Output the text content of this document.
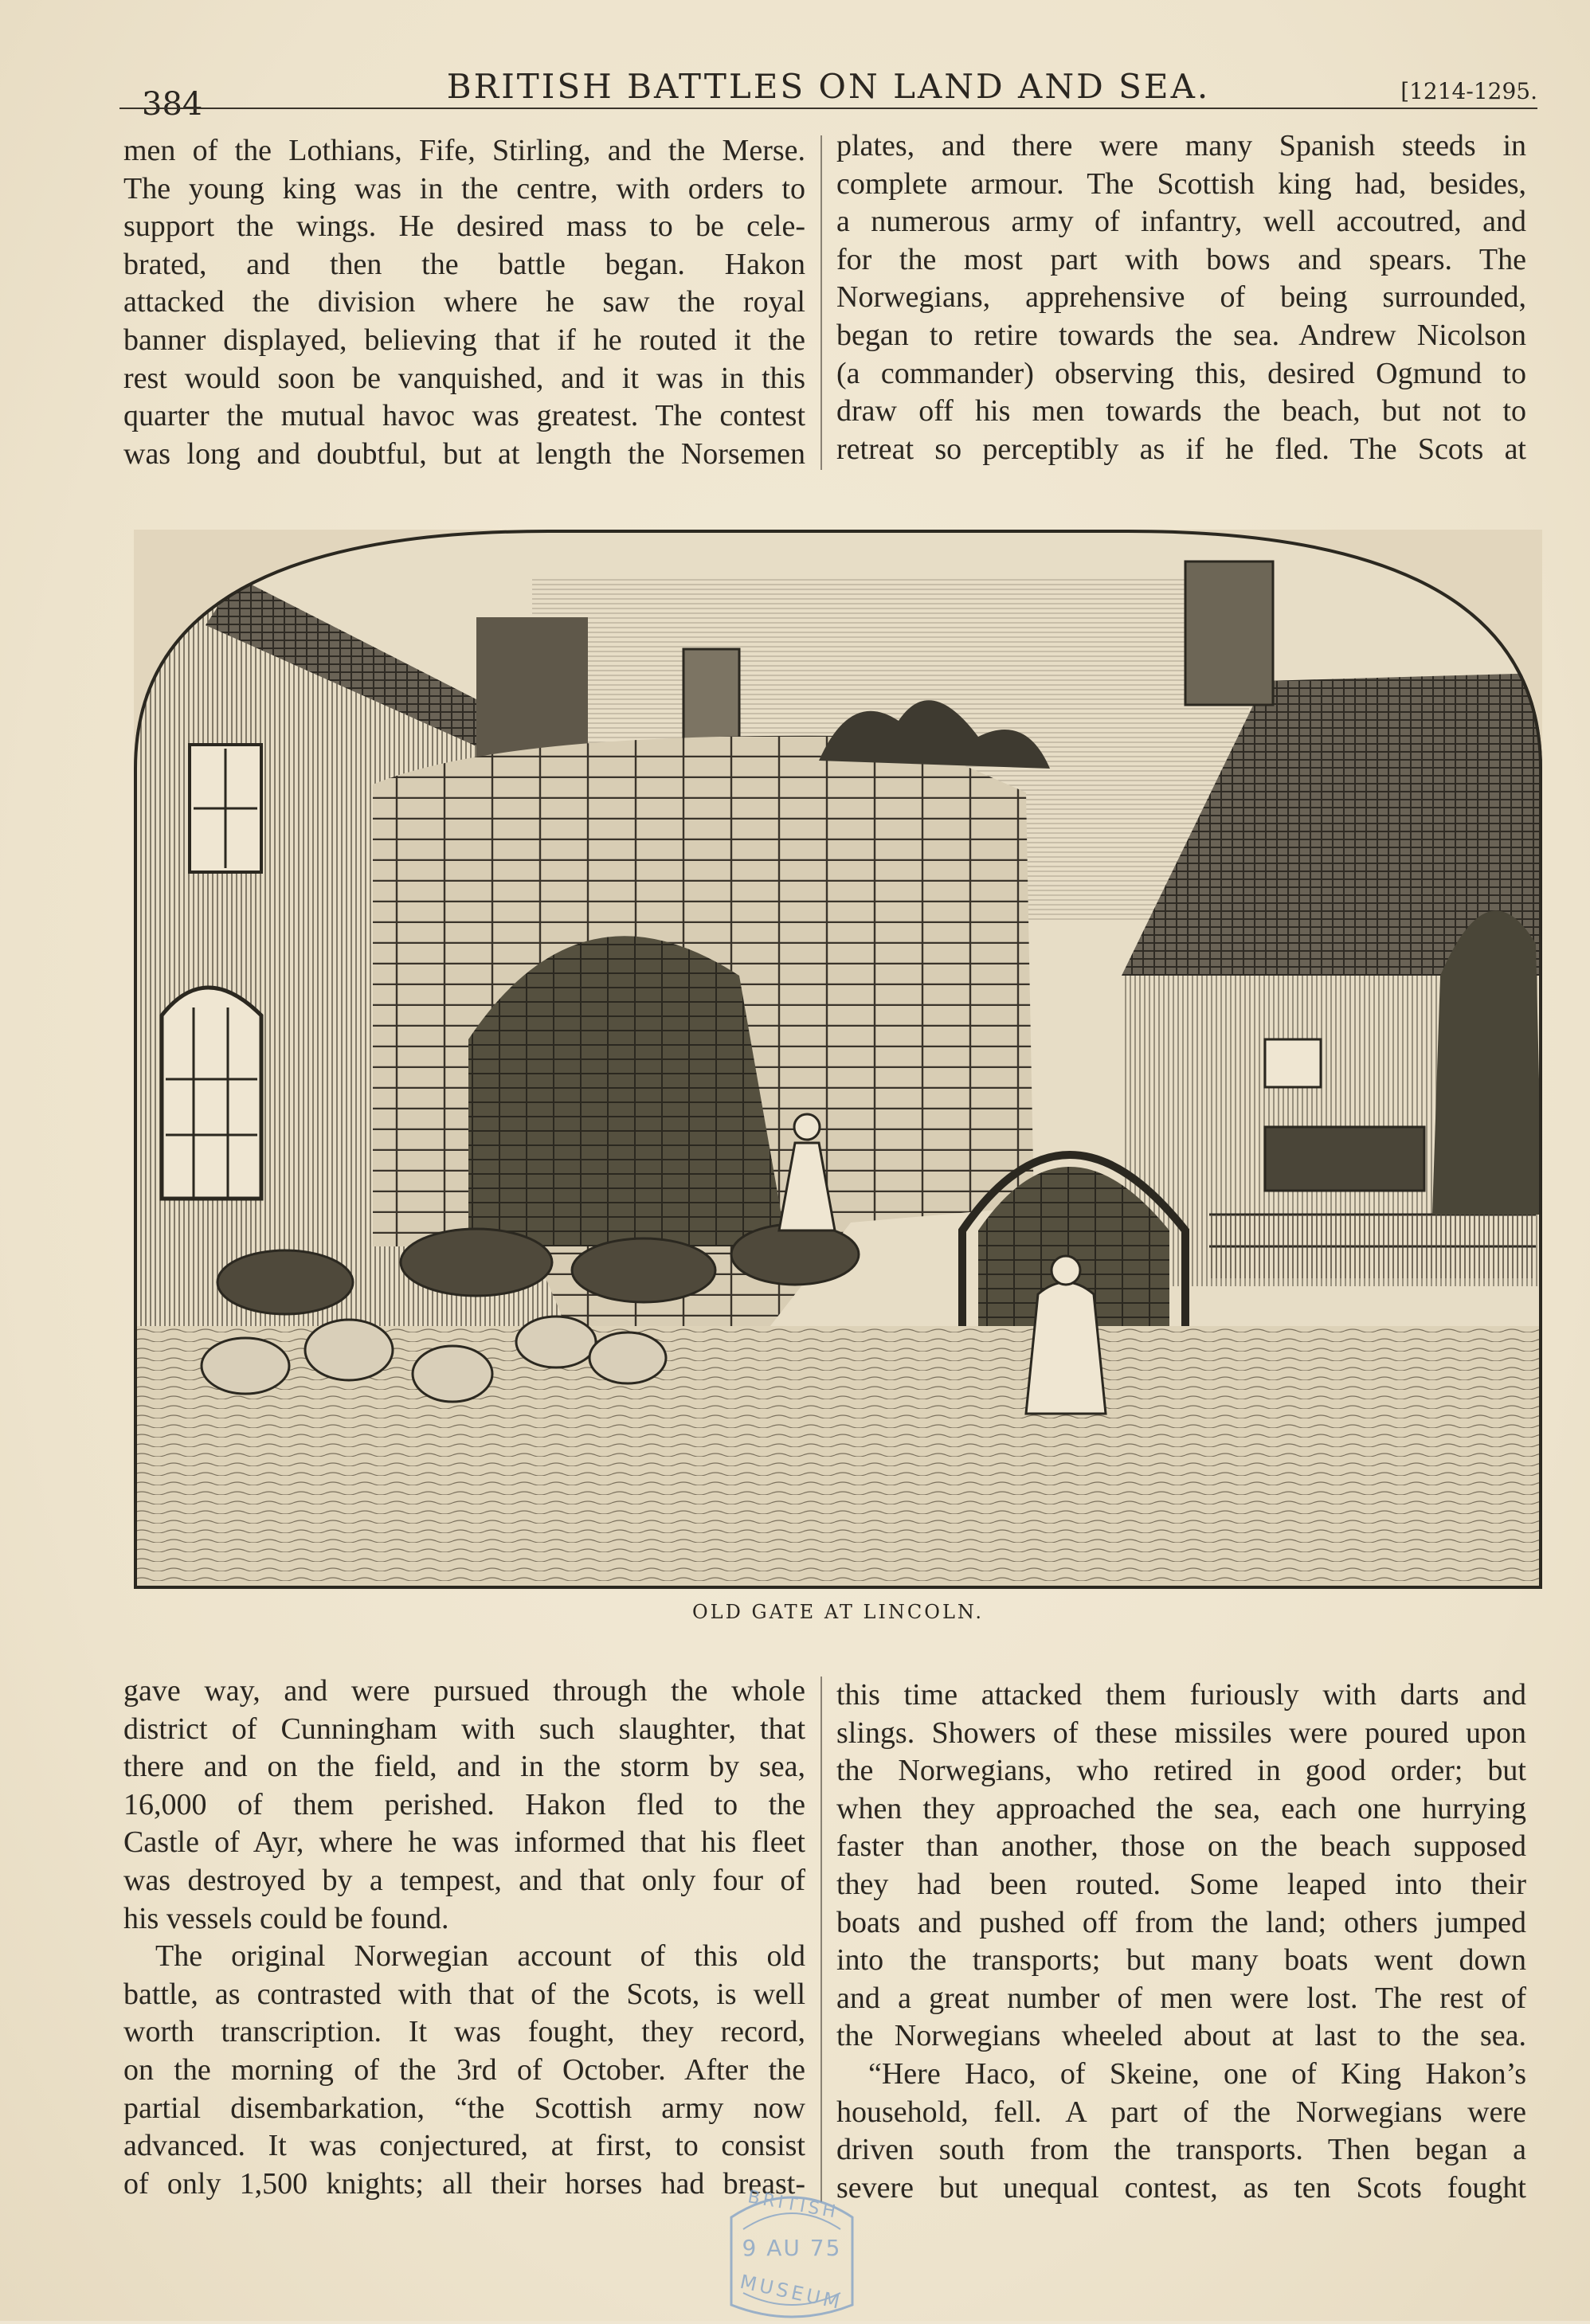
384	BRITISH BATTLES ON LAND AND SEA.	[1214-1295.

men of the Lothians, Fife, Stirling, and the Merse.

The young king was in the centre, with orders to

support the wings. He desired mass to be cele-

brated, and then the battle began. Hakon

attacked the division where he saw the royal

banner displayed, believing that if he routed it the

rest would soon be vanquished, and it was in this

quarter the mutual havoc was greatest. The contest

was long and doubtful, but at length the Norsemen

plates, and there were many Spanish steeds in

complete armour. The Scottish king had, besides,

a numerous army of infantry, well accoutred, and

for the most part with bows and spears. The

Norwegians, apprehensive of being surrounded,

began to retire towards the sea. Andrew Nicolson

(a commander) observing this, desired Ogmund to

draw off his men towards the beach, but not to

retreat so perceptibly as if he fled. The Scots at

OLD GATE AT LINCOLN.

gave way, and were pursued through the whole

district of Cunningham with such slaughter, that

there and on the field, and in the storm by sea,

16,000 of them perished. Hakon fled to the

Castle of Ayr, where he was informed that his fleet

was destroyed by a tempest, and that only four of

his vessels could be found.

The original Norwegian account of this old

battle, as contrasted with that of the Scots, is well

worth transcription. It was fought, they record,

on the morning of the 3rd of October. After the

partial disembarkation, “the Scottish army now

advanced. It was conjectured, at first, to consist

of only 1,500 knights; all their horses had breast-

this time attacked them furiously with darts and

slings. Showers of these missiles were poured upon

the Norwegians, who retired in good order; but

when they approached the sea, each one hurrying

faster than another, those on the beach supposed

they had been routed. Some leaped into their

boats and pushed off from the land; others jumped

into the transports; but many boats went down

and a great number of men were lost. The rest of

the Norwegians wheeled about at last to the sea.

“Here Haco, of Skeine, one of King Hakon’s

household, fell. A part of the Norwegians were

driven south from the transports. Then began a

severe but unequal contest, as ten Scots fought

BRITISH
9 AU 75
MUSEUM
